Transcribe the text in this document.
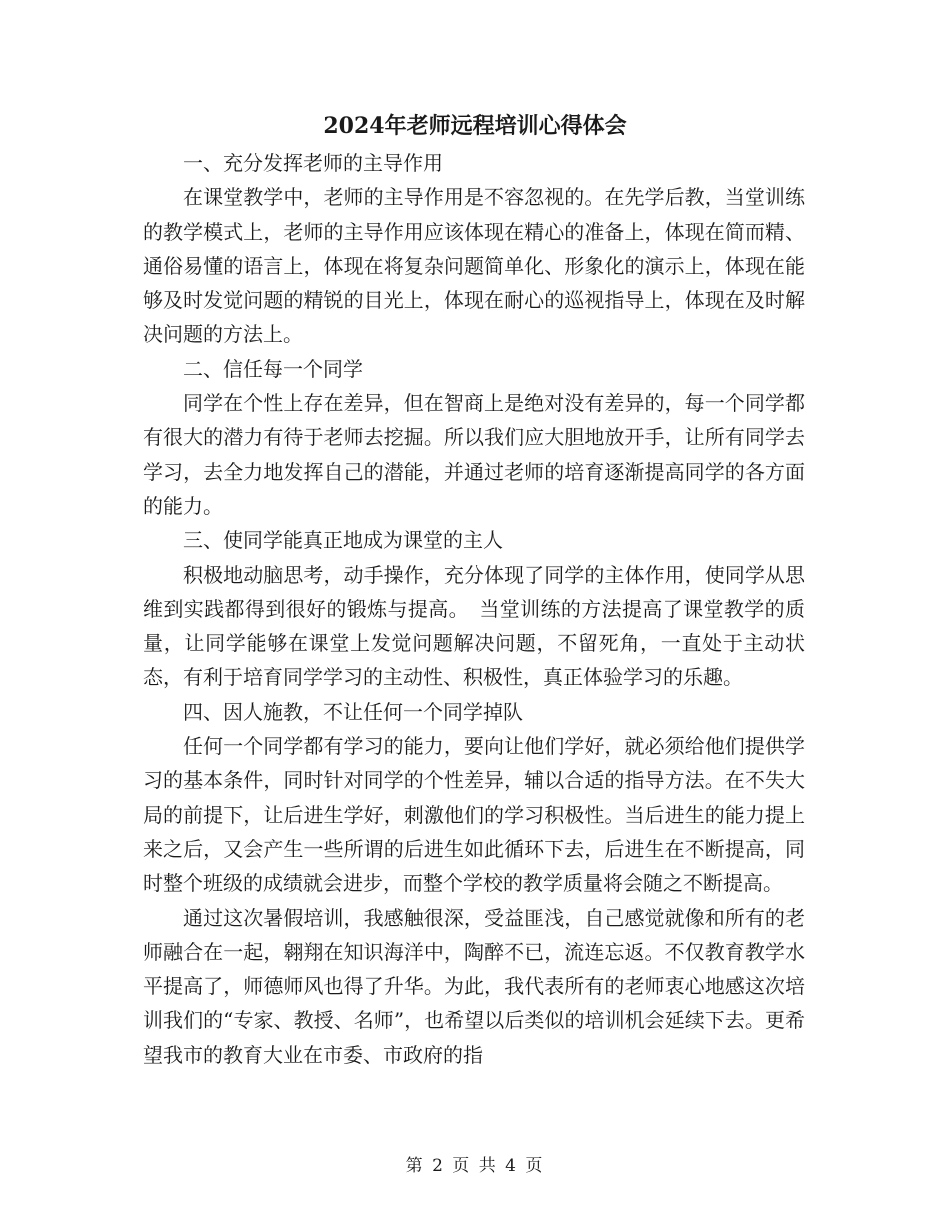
2024年老师远程培训心得体会

一、充分发挥老师的主导作用

在课堂教学中，老师的主导作用是不容忽视的。在先学后教，当堂训练的教学模式上，老师的主导作用应该体现在精心的准备上，体现在简而精、通俗易懂的语言上，体现在将复杂问题简单化、形象化的演示上，体现在能够及时发觉问题的精锐的目光上，体现在耐心的巡视指导上，体现在及时解决问题的方法上。

二、信任每一个同学

同学在个性上存在差异，但在智商上是绝对没有差异的，每一个同学都有很大的潜力有待于老师去挖掘。所以我们应大胆地放开手，让所有同学去学习，去全力地发挥自己的潜能，并通过老师的培育逐渐提高同学的各方面的能力。

三、使同学能真正地成为课堂的主人

积极地动脑思考，动手操作，充分体现了同学的主体作用，使同学从思维到实践都得到很好的锻炼与提高。　当堂训练的方法提高了课堂教学的质量，让同学能够在课堂上发觉问题解决问题，不留死角，一直处于主动状态，有利于培育同学学习的主动性、积极性，真正体验学习的乐趣。

四、因人施教，不让任何一个同学掉队

任何一个同学都有学习的能力，要向让他们学好，就必须给他们提供学习的基本条件，同时针对同学的个性差异，辅以合适的指导方法。在不失大局的前提下，让后进生学好，刺激他们的学习积极性。当后进生的能力提上来之后，又会产生一些所谓的后进生如此循环下去，后进生在不断提高，同时整个班级的成绩就会进步，而整个学校的教学质量将会随之不断提高。

通过这次暑假培训，我感触很深，受益匪浅，自己感觉就像和所有的老师融合在一起，翱翔在知识海洋中，陶醉不已，流连忘返。不仅教育教学水平提高了，师德师风也得了升华。为此，我代表所有的老师衷心地感这次培训我们的“专家、教授、名师”，也希望以后类似的培训机会延续下去。更希望我市的教育大业在市委、市政府的指

第 2 页 共 4 页
